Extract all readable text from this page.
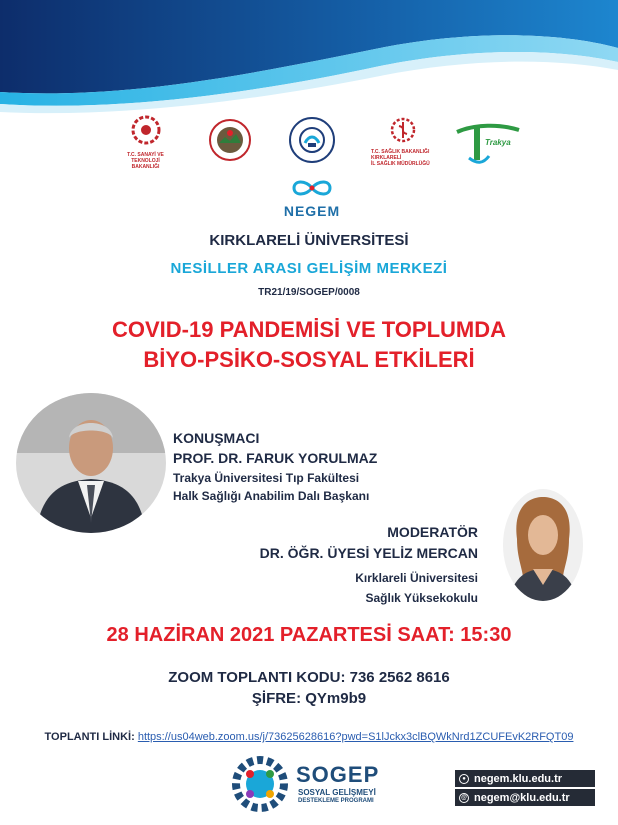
T.C. SANAYİ VE
TEKNOLOJİ BAKANLIĞI
T.C. SAĞLIK BAKANLIĞI
KIRKLARELİ
İL SAĞLIK MÜDÜRLÜĞÜ
Trakya
NEGEM
KIRKLARELİ ÜNİVERSİTESİ
NESİLLER ARASI GELİŞİM MERKEZİ
TR21/19/SOGEP/0008
COVID-19 PANDEMİSİ VE TOPLUMDA
BİYO-PSİKO-SOSYAL ETKİLERİ
KONUŞMACI
PROF. DR. FARUK YORULMAZ
Trakya Üniversitesi Tıp Fakültesi
Halk Sağlığı Anabilim Dalı Başkanı
MODERATÖR
DR. ÖĞR. ÜYESİ YELİZ MERCAN
Kırklareli Üniversitesi
Sağlık Yüksekokulu
28 HAZİRAN 2021 PAZARTESİ SAAT: 15:30
ZOOM TOPLANTI KODU: 736 2562 8616
ŞİFRE: QYm9b9
TOPLANTI LİNKİ: https://us04web.zoom.us/j/73625628616?pwd=S1lJckx3clBQWkNrd1ZCUFEvK2RFQT09
SOGEP
SOSYAL GELİŞMEYİ
DESTEKLEME PROGRAMI
● negem.klu.edu.tr
@ negem@klu.edu.tr
